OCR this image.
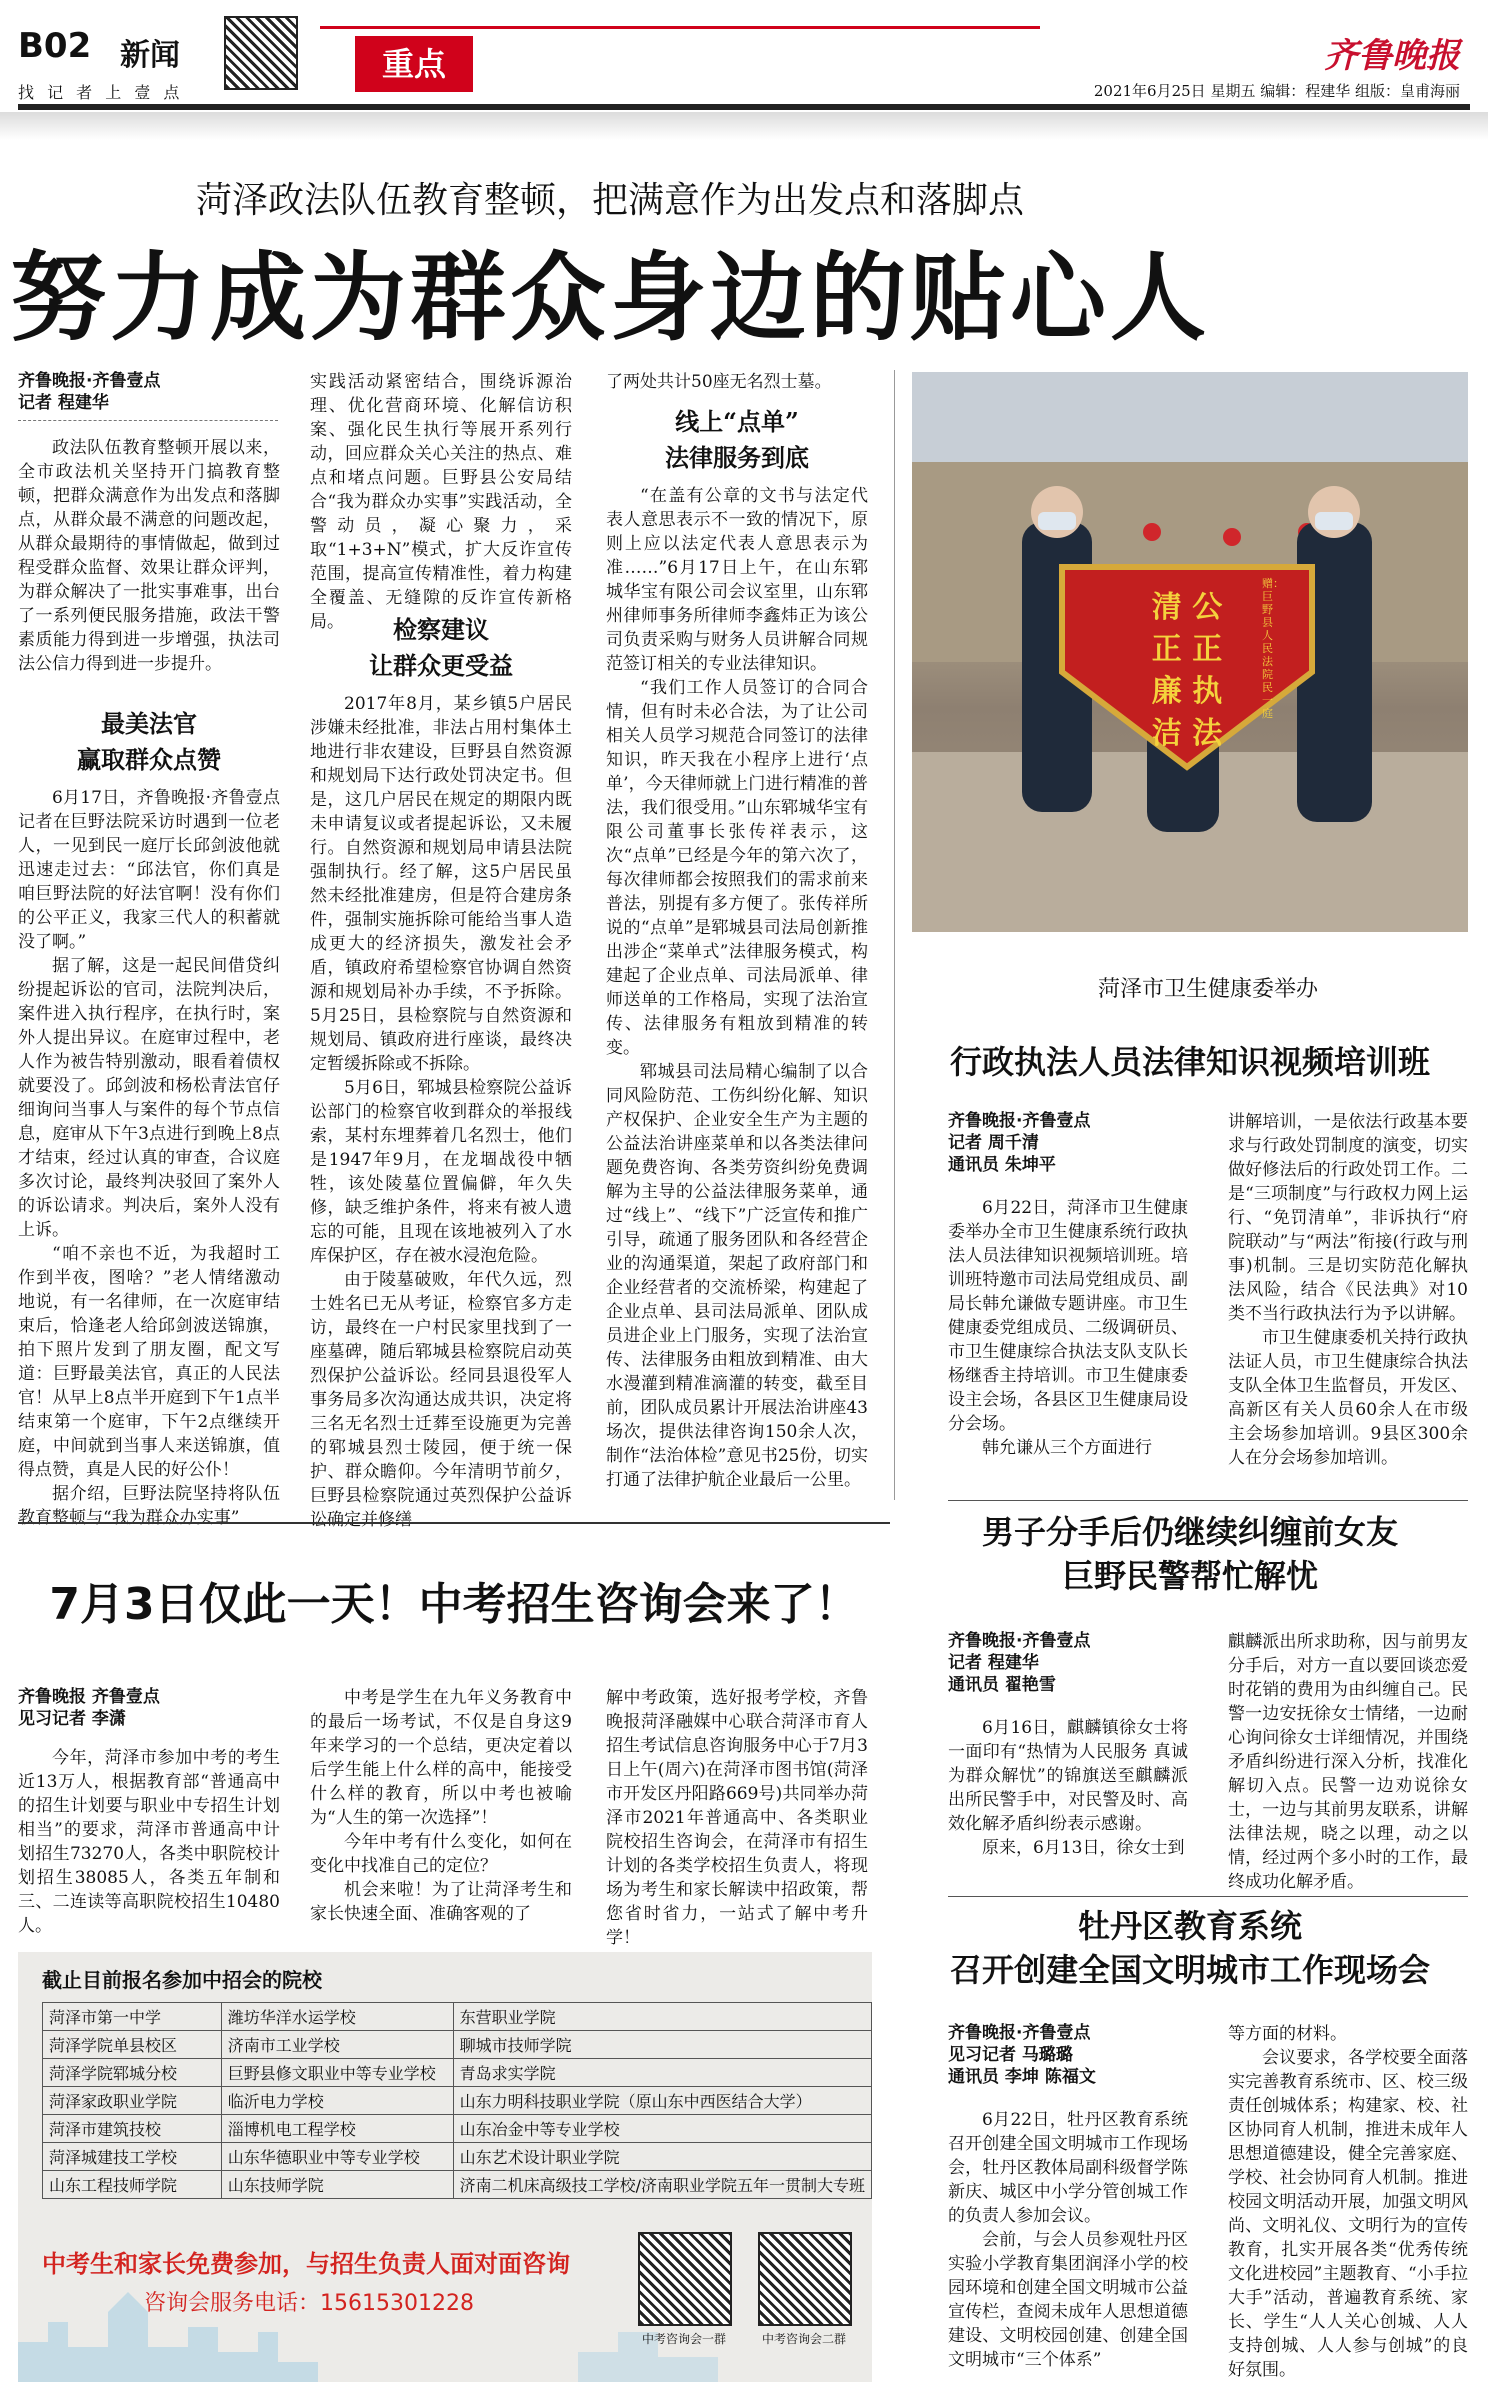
B02 新闻
找 记 者 上 壹 点
重点	齐鲁晚报
2021年6月25日 星期五 编辑：程建华 组版：皇甫海丽
菏泽政法队伍教育整顿，把满意作为出发点和落脚点
努力成为群众身边的贴心人
齐鲁晚报·齐鲁壹点
记者 程建华

政法队伍教育整顿开展以来，全市政法机关坚持开门搞教育整顿，把群众满意作为出发点和落脚点，从群众最不满意的问题改起，从群众最期待的事情做起，做到过程受群众监督、效果让群众评判，为群众解决了一批实事难事，出台了一系列便民服务措施，政法干警素质能力得到进一步增强，执法司法公信力得到进一步提升。

最美法官
赢取群众点赞

6月17日，齐鲁晚报·齐鲁壹点记者在巨野法院采访时遇到一位老人，一见到民一庭厅长邱剑波他就迅速走过去：“邱法官，你们真是咱巨野法院的好法官啊！没有你们的公平正义，我家三代人的积蓄就没了啊。”

据了解，这是一起民间借贷纠纷提起诉讼的官司，法院判决后，案件进入执行程序，在执行时，案外人提出异议。在庭审过程中，老人作为被告特别激动，眼看着债权就要没了。邱剑波和杨松青法官仔细询问当事人与案件的每个节点信息，庭审从下午3点进行到晚上8点才结束，经过认真的审查，合议庭多次讨论，最终判决驳回了案外人的诉讼请求。判决后，案外人没有上诉。

“咱不亲也不近，为我超时工作到半夜，图啥？”老人情绪激动地说，有一名律师，在一次庭审结束后，恰逢老人给邱剑波送锦旗，拍下照片发到了朋友圈，配文写道：巨野最美法官，真正的人民法官！从早上8点半开庭到下午1点半结束第一个庭审，下午2点继续开庭，中间就到当事人来送锦旗，值得点赞，真是人民的好公仆！

据介绍，巨野法院坚持将队伍教育整顿与“我为群众办实事”

实践活动紧密结合，围绕诉源治理、优化营商环境、化解信访积案、强化民生执行等展开系列行动，回应群众关心关注的热点、难点和堵点问题。巨野县公安局结合“我为群众办实事”实践活动，全警动员，凝心聚力，采取“1+3+N”模式，扩大反诈宣传范围，提高宣传精准性，着力构建全覆盖、无缝隙的反诈宣传新格局。	检察建议
让群众更受益

2017年8月，某乡镇5户居民涉嫌未经批准，非法占用村集体土地进行非农建设，巨野县自然资源和规划局下达行政处罚决定书。但是，这几户居民在规定的期限内既未申请复议或者提起诉讼，又未履行。自然资源和规划局申请县法院强制执行。经了解，这5户居民虽然未经批准建房，但是符合建房条件，强制实施拆除可能给当事人造成更大的经济损失，激发社会矛盾，镇政府希望检察官协调自然资源和规划局补办手续，不予拆除。5月25日，县检察院与自然资源和规划局、镇政府进行座谈，最终决定暂缓拆除或不拆除。

5月6日，郓城县检察院公益诉讼部门的检察官收到群众的举报线索，某村东埋葬着几名烈士，他们是1947年9月，在龙堌战役中牺牲，该处陵墓位置偏僻，年久失修，缺乏维护条件，将来有被人遗忘的可能，且现在该地被列入了水库保护区，存在被水浸泡危险。

由于陵墓破败，年代久远，烈士姓名已无从考证，检察官多方走访，最终在一户村民家里找到了一座墓碑，随后郓城县检察院启动英烈保护公益诉讼。经同县退役军人事务局多次沟通达成共识，决定将三名无名烈士迁葬至设施更为完善的郓城县烈士陵园，便于统一保护、群众瞻仰。今年清明节前夕，巨野县检察院通过英烈保护公益诉讼确定并修缮

了两处共计50座无名烈士墓。

线上“点单”
法律服务到底

“在盖有公章的文书与法定代表人意思表示不一致的情况下，原则上应以法定代表人意思表示为准……”6月17日上午，在山东郓城华宝有限公司会议室里，山东郓州律师事务所律师李鑫炜正为该公司负责采购与财务人员讲解合同规范签订相关的专业法律知识。

“我们工作人员签订的合同合情，但有时未必合法，为了让公司相关人员学习规范合同签订的法律知识，昨天我在小程序上进行‘点单’，今天律师就上门进行精准的普法，我们很受用。”山东郓城华宝有限公司董事长张传祥表示，这次“点单”已经是今年的第六次了，每次律师都会按照我们的需求前来普法，别提有多方便了。张传祥所说的“点单”是郓城县司法局创新推出涉企“菜单式”法律服务模式，构建起了企业点单、司法局派单、律师送单的工作格局，实现了法治宣传、法律服务有粗放到精准的转变。

郓城县司法局精心编制了以合同风险防范、工伤纠纷化解、知识产权保护、企业安全生产为主题的公益法治讲座菜单和以各类法律问题免费咨询、各类劳资纠纷免费调解为主导的公益法律服务菜单，通过“线上”、“线下”广泛宣传和推广引导，疏通了服务团队和各经营企业的沟通渠道，架起了政府部门和企业经营者的交流桥梁，构建起了企业点单、县司法局派单、团队成员进企业上门服务，实现了法治宣传、法律服务由粗放到精准、由大水漫灌到精准滴灌的转变，截至目前，团队成员累计开展法治讲座43场次，提供法律咨询150余人次，制作“法治体检”意见书25份，切实打通了法律护航企业最后一公里。

清 公
正 正
廉 执
洁 法
赠：巨野县人民法院民一庭
菏泽市卫生健康委举办
行政执法人员法律知识视频培训班
齐鲁晚报·齐鲁壹点
记者 周千清
通讯员 朱坤平

6月22日，菏泽市卫生健康委举办全市卫生健康系统行政执法人员法律知识视频培训班。培训班特邀市司法局党组成员、副局长韩允谦做专题讲座。市卫生健康委党组成员、二级调研员、市卫生健康综合执法支队支队长杨继香主持培训。市卫生健康委设主会场，各县区卫生健康局设分会场。

韩允谦从三个方面进行

讲解培训，一是依法行政基本要求与行政处罚制度的演变，切实做好修法后的行政处罚工作。二是“三项制度”与行政权力网上运行、“免罚清单”，非诉执行“府院联动”与“两法”衔接(行政与刑事)机制。三是切实防范化解执法风险，结合《民法典》对10类不当行政执法行为予以讲解。

市卫生健康委机关持行政执法证人员，市卫生健康综合执法支队全体卫生监督员，开发区、高新区有关人员60余人在市级主会场参加培训。9县区300余人在分会场参加培训。

男子分手后仍继续纠缠前女友
巨野民警帮忙解忧
齐鲁晚报·齐鲁壹点
记者 程建华
通讯员 翟艳雪

6月16日，麒麟镇徐女士将一面印有“热情为人民服务 真诚为群众解忧”的锦旗送至麒麟派出所民警手中，对民警及时、高效化解矛盾纠纷表示感谢。

原来，6月13日，徐女士到

麒麟派出所求助称，因与前男友分手后，对方一直以要回谈恋爱时花销的费用为由纠缠自己。民警一边安抚徐女士情绪，一边耐心询问徐女士详细情况，并围绕矛盾纠纷进行深入分析，找准化解切入点。民警一边劝说徐女士，一边与其前男友联系，讲解法律法规，晓之以理，动之以情，经过两个多小时的工作，最终成功化解矛盾。

牡丹区教育系统
召开创建全国文明城市工作现场会
齐鲁晚报·齐鲁壹点
见习记者 马璐璐
通讯员 李坤 陈福文

6月22日，牡丹区教育系统召开创建全国文明城市工作现场会，牡丹区教体局副科级督学陈新庆、城区中小学分管创城工作的负责人参加会议。

会前，与会人员参观牡丹区实验小学教育集团润泽小学的校园环境和创建全国文明城市公益宣传栏，查阅未成年人思想道德建设、文明校园创建、创建全国文明城市“三个体系”

等方面的材料。

会议要求，各学校要全面落实完善教育系统市、区、校三级责任创城体系；构建家、校、社区协同育人机制，推进未成年人思想道德建设，健全完善家庭、学校、社会协同育人机制。推进校园文明活动开展，加强文明风尚、文明礼仪、文明行为的宣传教育，扎实开展各类“优秀传统文化进校园”主题教育、“小手拉大手”活动，普遍教育系统、家长、学生“人人关心创城、人人支持创城、人人参与创城”的良好氛围。

7月3日仅此一天！中考招生咨询会来了！
齐鲁晚报 齐鲁壹点
见习记者 李潇

今年，菏泽市参加中考的考生近13万人，根据教育部“普通高中的招生计划要与职业中专招生计划相当”的要求，菏泽市普通高中计划招生73270人，各类中职院校计划招生38085人，各类五年制和三、二连读等高职院校招生10480人。

中考是学生在九年义务教育中的最后一场考试，不仅是自身这9年来学习的一个总结，更决定着以后学生能上什么样的高中，能接受什么样的教育，所以中考也被喻为“人生的第一次选择”！

今年中考有什么变化，如何在变化中找准自己的定位？

机会来啦！为了让菏泽考生和家长快速全面、准确客观的了

解中考政策，选好报考学校，齐鲁晚报菏泽融媒中心联合菏泽市育人招生考试信息咨询服务中心于7月3日上午(周六)在菏泽市图书馆(菏泽市开发区丹阳路669号)共同举办菏泽市2021年普通高中、各类职业院校招生咨询会，在菏泽市有招生计划的各类学校招生负责人，将现场为考生和家长解读中招政策，帮您省时省力，一站式了解中考升学！

截止目前报名参加中招会的院校
菏泽市第一中学	潍坊华洋水运学校	东营职业学院
菏泽学院单县校区	济南市工业学校	聊城市技师学院
菏泽学院郓城分校	巨野县修文职业中等专业学校	青岛求实学院
菏泽家政职业学院	临沂电力学校	山东力明科技职业学院（原山东中西医结合大学）
菏泽市建筑技校	淄博机电工程学校	山东冶金中等专业学校
菏泽城建技工学校	山东华德职业中等专业学校	山东艺术设计职业学院
山东工程技师学院	山东技师学院	济南二机床高级技工学校/济南职业学院五年一贯制大专班
中考生和家长免费参加，与招生负责人面对面咨询
咨询会服务电话：15615301228
中考咨询会一群	中考咨询会二群
